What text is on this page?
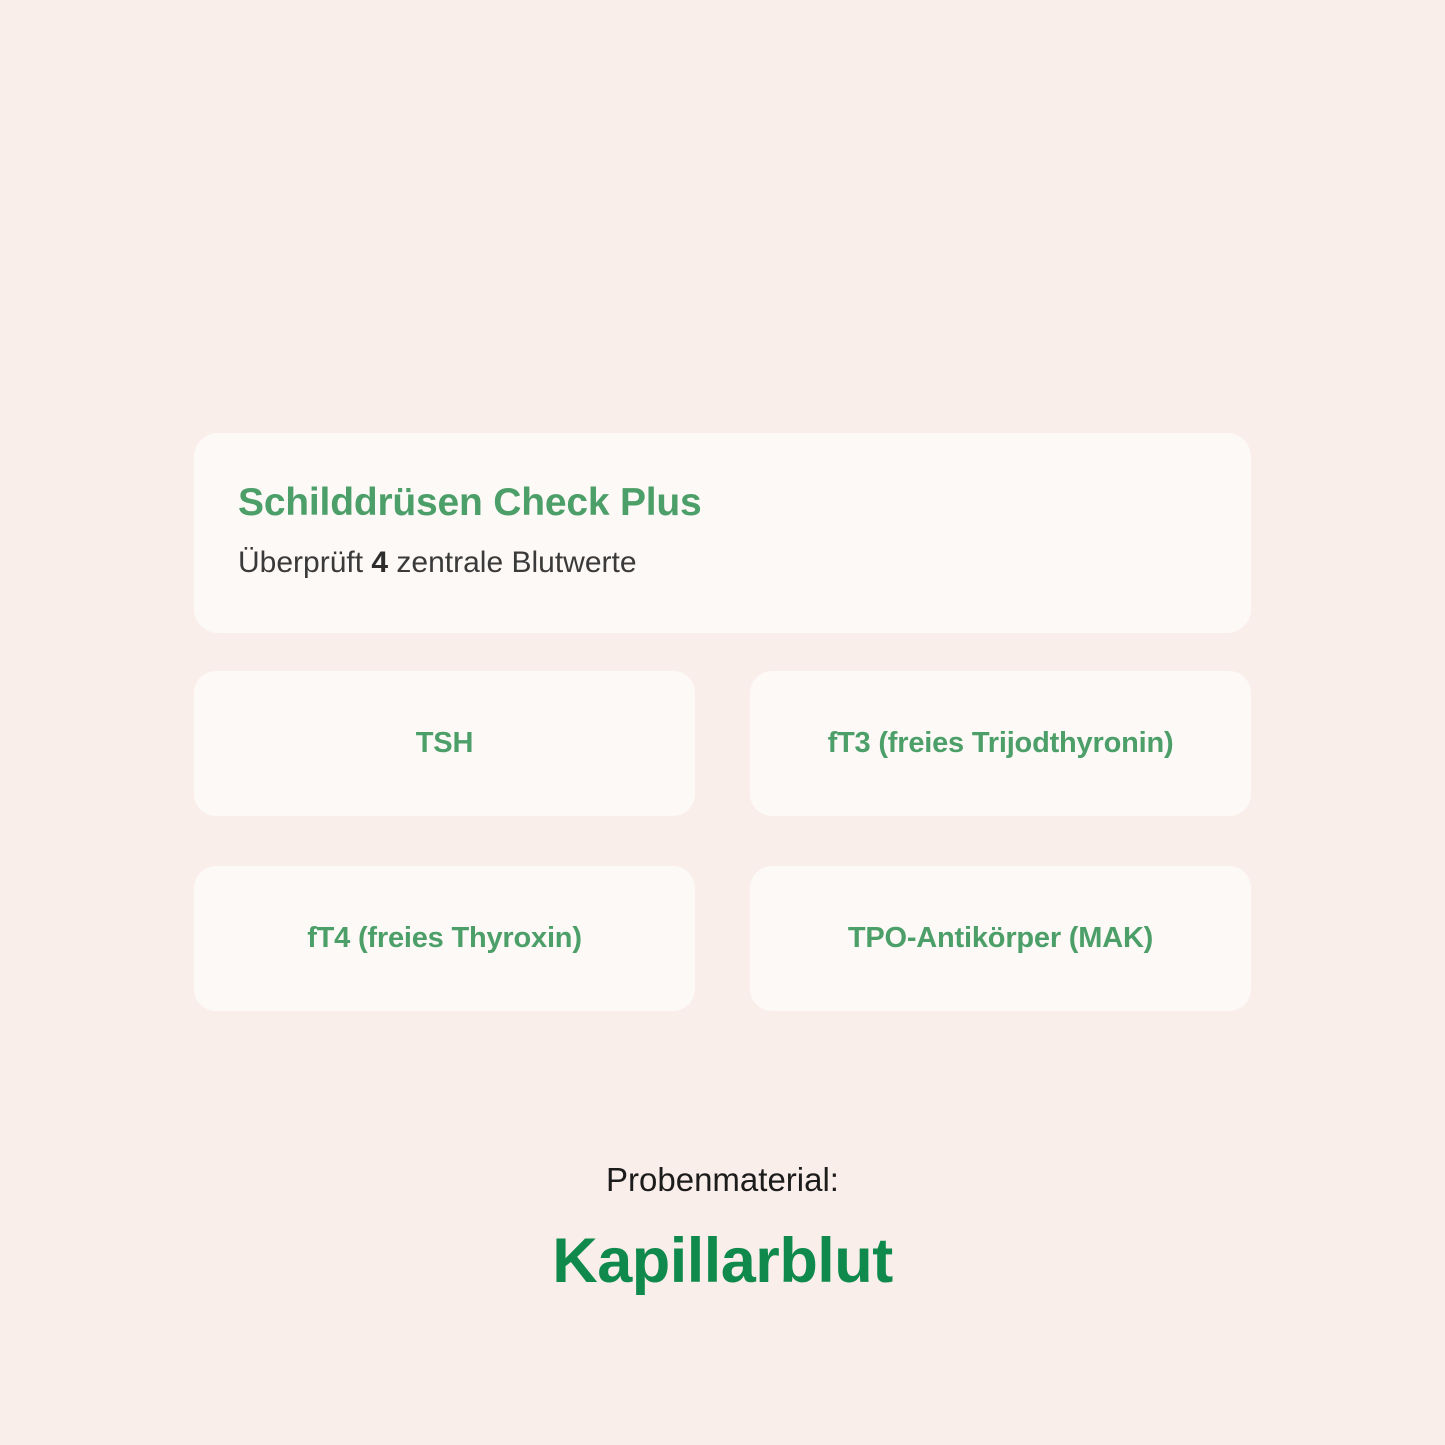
Schilddrüsen Check Plus
Überprüft 4 zentrale Blutwerte
TSH	fT3 (freies Trijodthyronin)
fT4 (freies Thyroxin)	TPO-Antikörper (MAK)
Probenmaterial:
Kapillarblut
